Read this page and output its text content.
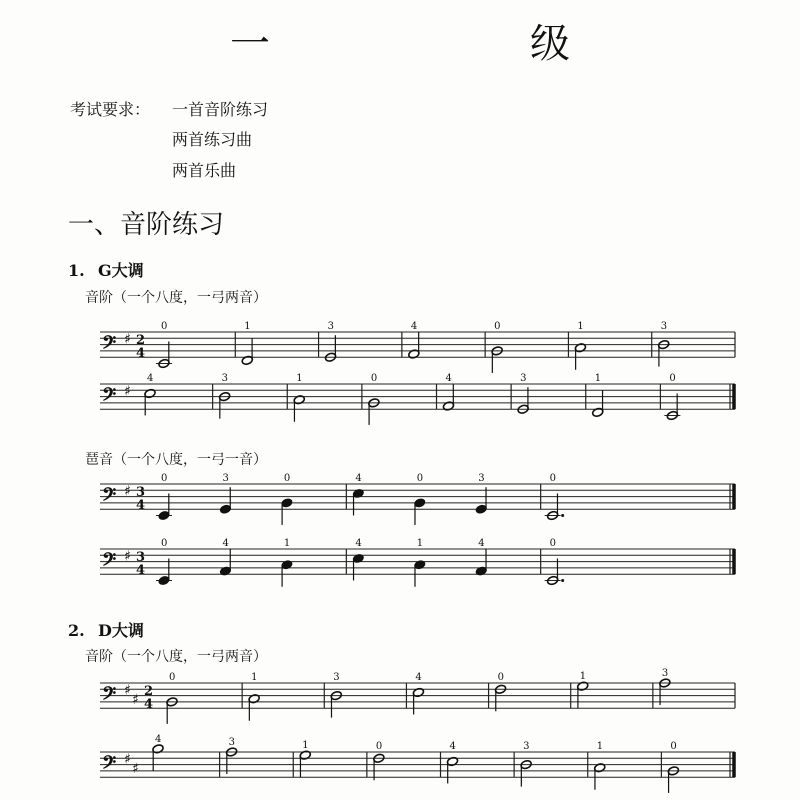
一　级
考试要求： 一首音阶练习
两首练习曲
两首乐曲
一、音阶练习
1. G大调
音阶（一个八度，一弓两音）
𝄢 ♯ 2
4
0	1	3	4	0	1	3
𝄢 ♯
4	3	1	0	4	3	1	0
琶音（一个八度，一弓一音）
𝄢 ♯ 3
4
0	3	0	4	0	3	0
𝄢 ♯ 3
4
0	4	1	4	1	4	0
2. D大调
音阶（一个八度，一弓两音）
𝄢 ♯
♯
2
4
0	1	3	4	0	1	3
𝄢 ♯
♯
4	3	1	0	4	3	1	0
